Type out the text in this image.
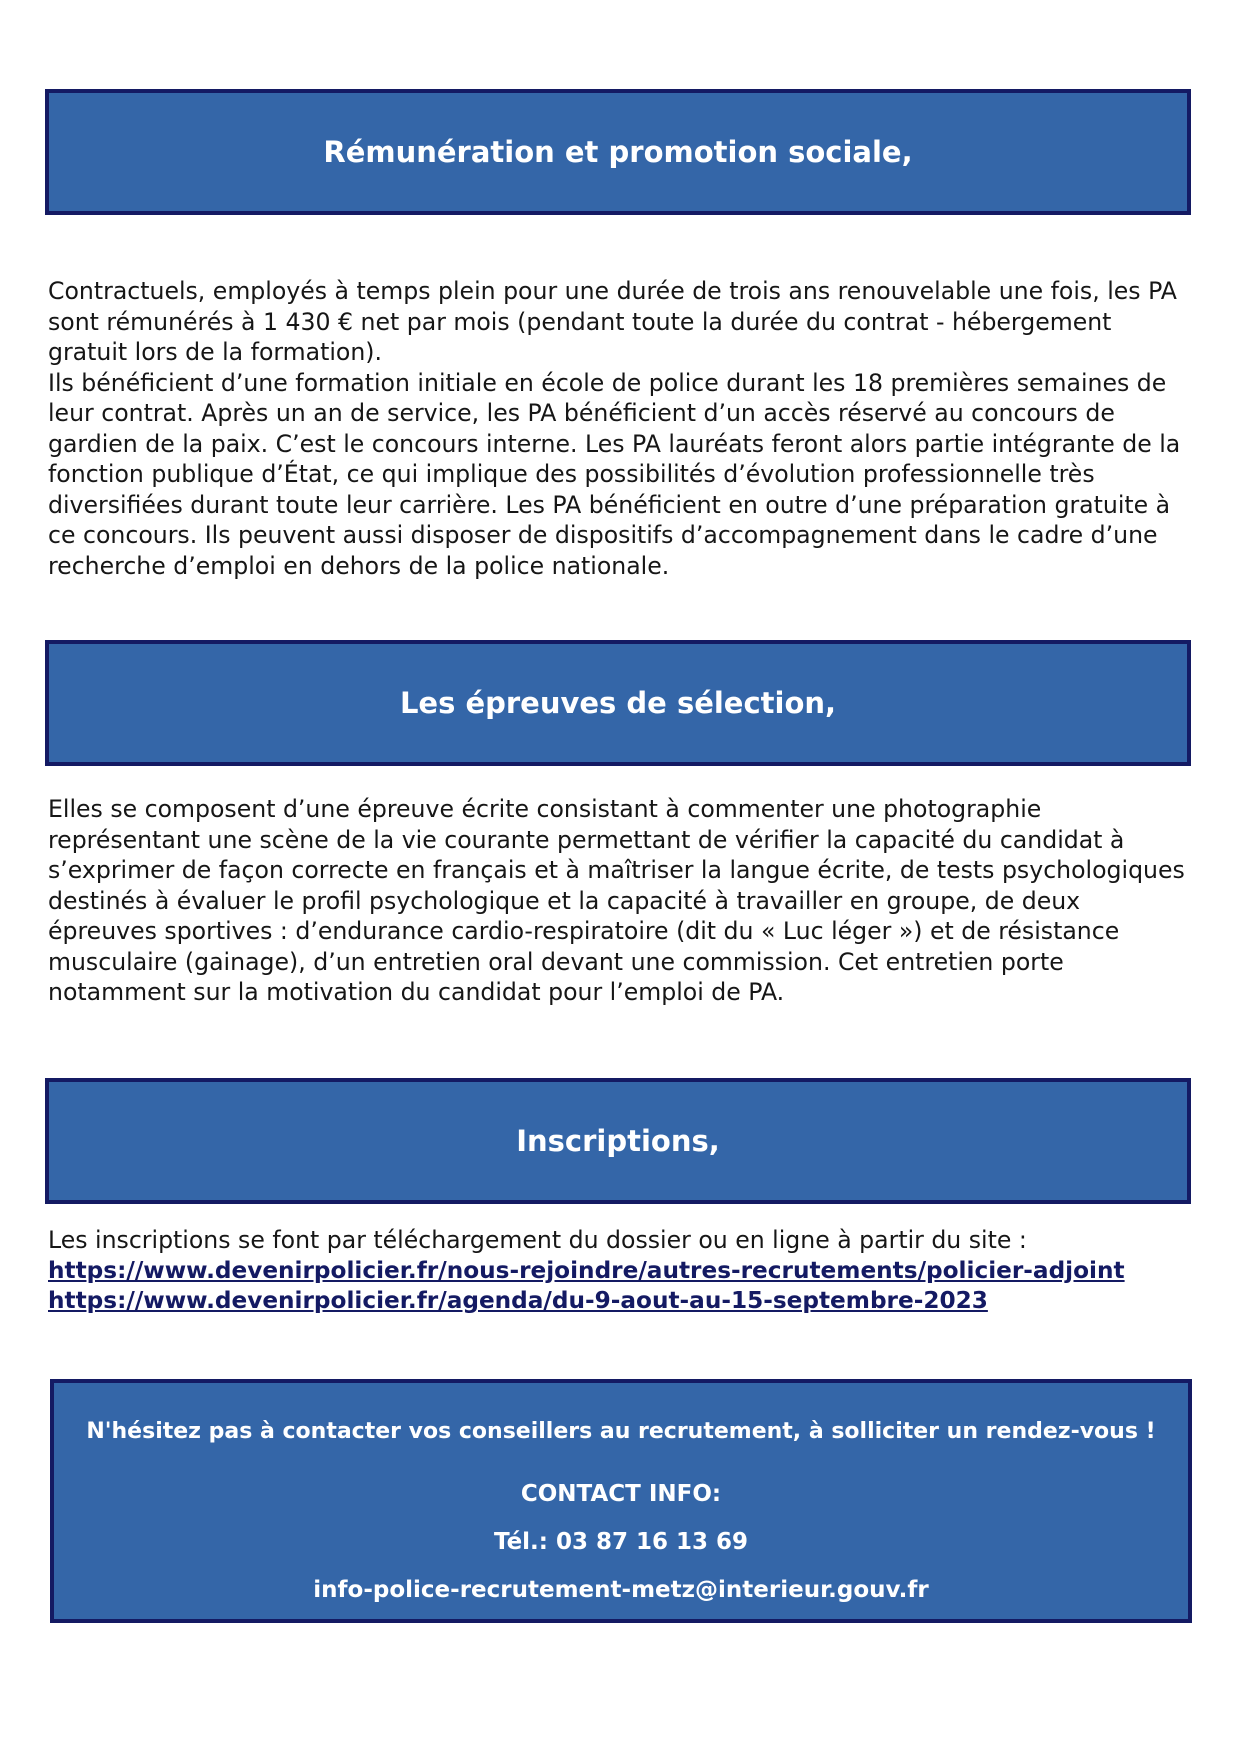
Rémunération et promotion sociale,
Contractuels, employés à temps plein pour une durée de trois ans renouvelable une fois, les PA
sont rémunérés à 1 430 € net par mois (pendant toute la durée du contrat - hébergement
gratuit lors de la formation).
Ils bénéficient d’une formation initiale en école de police durant les 18 premières semaines de
leur contrat. Après un an de service, les PA bénéficient d’un accès réservé au concours de
gardien de la paix. C’est le concours interne. Les PA lauréats feront alors partie intégrante de la
fonction publique d’État, ce qui implique des possibilités d’évolution professionnelle très
diversifiées durant toute leur carrière. Les PA bénéficient en outre d’une préparation gratuite à
ce concours. Ils peuvent aussi disposer de dispositifs d’accompagnement dans le cadre d’une
recherche d’emploi en dehors de la police nationale.
Les épreuves de sélection,
Elles se composent d’une épreuve écrite consistant à commenter une photographie
représentant une scène de la vie courante permettant de vérifier la capacité du candidat à
s’exprimer de façon correcte en français et à maîtriser la langue écrite, de tests psychologiques
destinés à évaluer le profil psychologique et la capacité à travailler en groupe, de deux
épreuves sportives : d’endurance cardio-respiratoire (dit du « Luc léger ») et de résistance
musculaire (gainage), d’un entretien oral devant une commission. Cet entretien porte
notamment sur la motivation du candidat pour l’emploi de PA.
Inscriptions,
Les inscriptions se font par téléchargement du dossier ou en ligne à partir du site :
https://www.devenirpolicier.fr/nous-rejoindre/autres-recrutements/policier-adjoint
https://www.devenirpolicier.fr/agenda/du-9-aout-au-15-septembre-2023
N'hésitez pas à contacter vos conseillers au recrutement, à solliciter un rendez-vous !
CONTACT INFO:
Tél.: 03 87 16 13 69
info-police-recrutement-metz@interieur.gouv.fr
